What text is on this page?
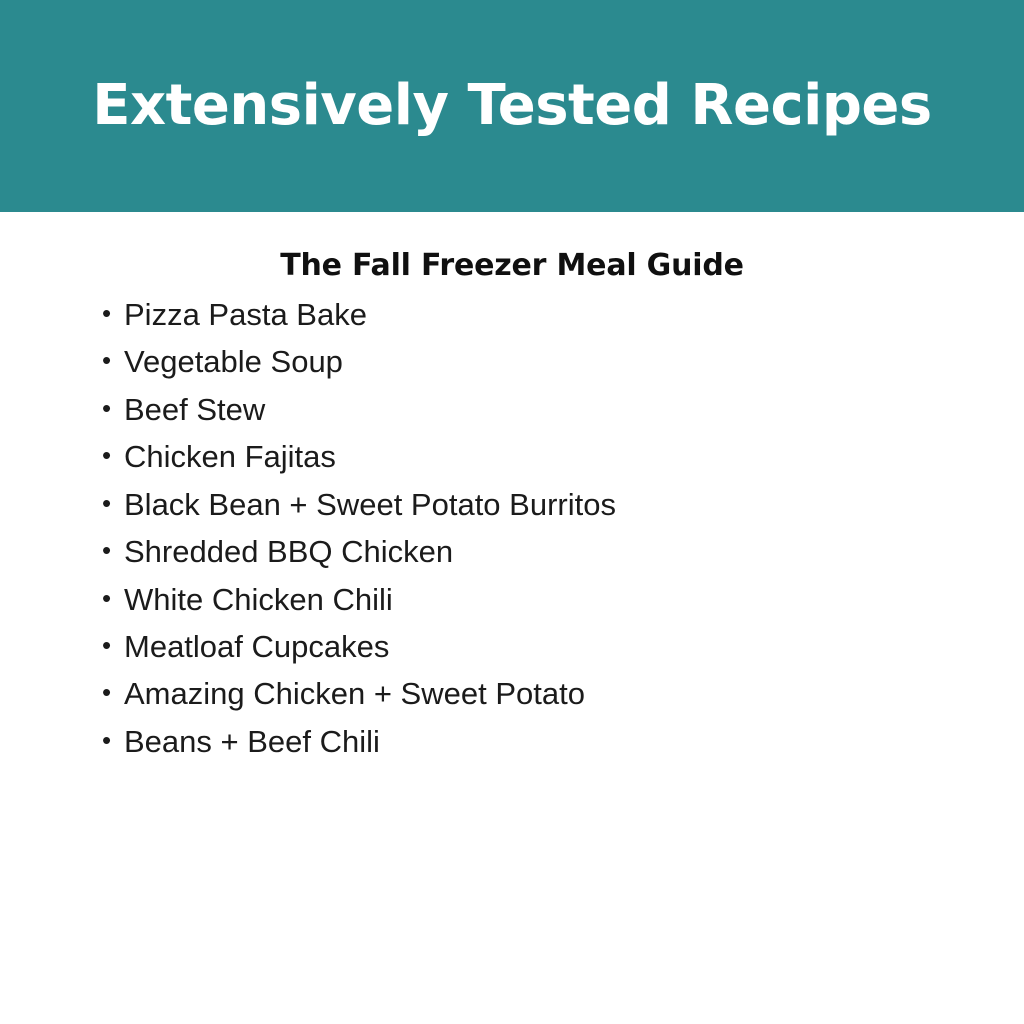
Extensively Tested Recipes
The Fall Freezer Meal Guide
• Pizza Pasta Bake
• Vegetable Soup
• Beef Stew
• Chicken Fajitas
• Black Bean + Sweet Potato Burritos
• Shredded BBQ Chicken
• White Chicken Chili
• Meatloaf Cupcakes
• Amazing Chicken + Sweet Potato
• Beans + Beef Chili
